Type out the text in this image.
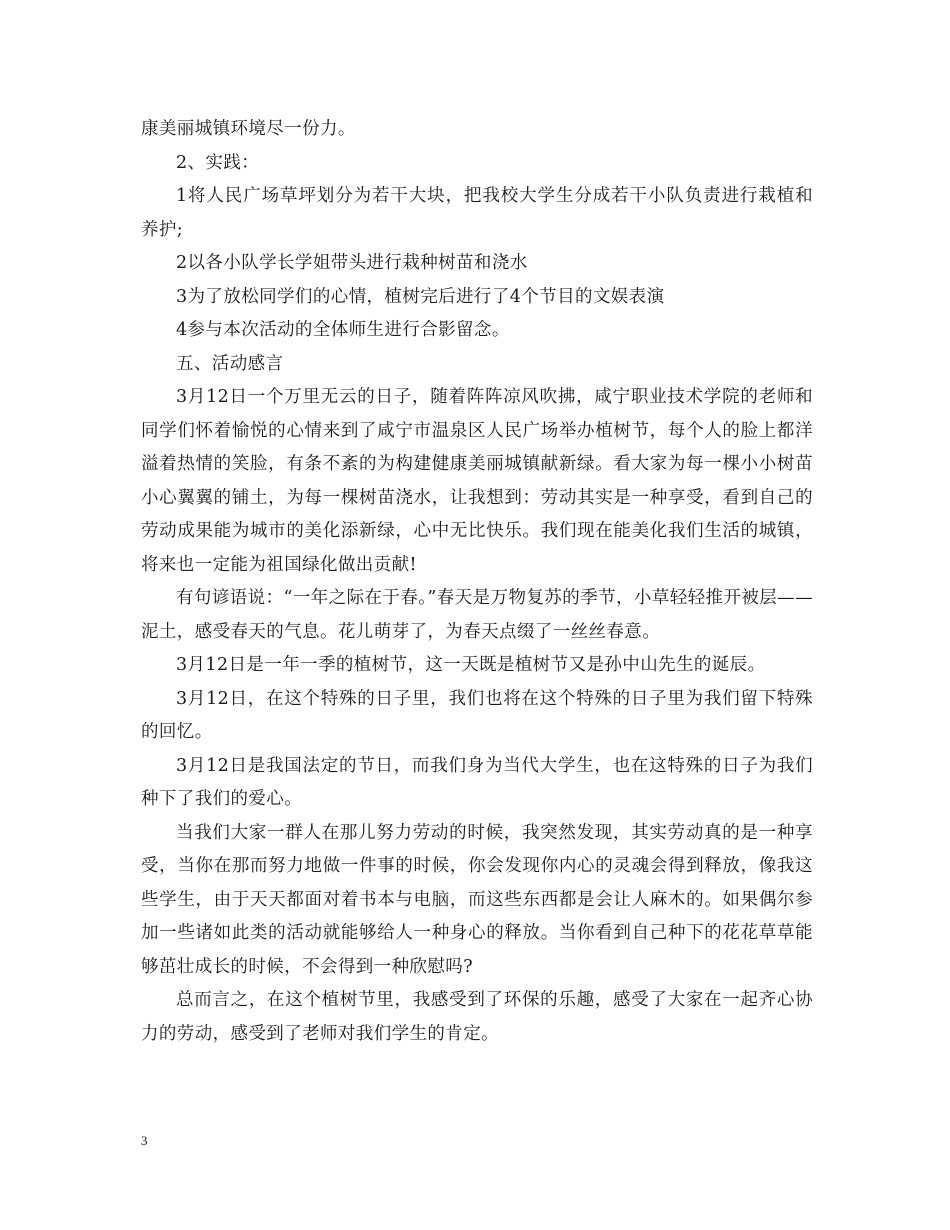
康美丽城镇环境尽一份力。

2、实践：

1将人民广场草坪划分为若干大块，把我校大学生分成若干小队负责进行栽植和养护;

2以各小队学长学姐带头进行栽种树苗和浇水

3为了放松同学们的心情，植树完后进行了4个节目的文娱表演

4参与本次活动的全体师生进行合影留念。

五、活动感言

3月12日一个万里无云的日子，随着阵阵凉风吹拂，咸宁职业技术学院的老师和同学们怀着愉悦的心情来到了咸宁市温泉区人民广场举办植树节，每个人的脸上都洋溢着热情的笑脸，有条不紊的为构建健康美丽城镇献新绿。看大家为每一棵小小树苗小心翼翼的铺土，为每一棵树苗浇水，让我想到：劳动其实是一种享受，看到自己的劳动成果能为城市的美化添新绿，心中无比快乐。我们现在能美化我们生活的城镇，将来也一定能为祖国绿化做出贡献!

有句谚语说：“一年之际在于春。”春天是万物复苏的季节，小草轻轻推开被层——泥土，感受春天的气息。花儿萌芽了，为春天点缀了一丝丝春意。

3月12日是一年一季的植树节，这一天既是植树节又是孙中山先生的诞辰。

3月12日，在这个特殊的日子里，我们也将在这个特殊的日子里为我们留下特殊的回忆。

3月12日是我国法定的节日，而我们身为当代大学生，也在这特殊的日子为我们种下了我们的爱心。

当我们大家一群人在那儿努力劳动的时候，我突然发现，其实劳动真的是一种享受，当你在那而努力地做一件事的时候，你会发现你内心的灵魂会得到释放，像我这些学生，由于天天都面对着书本与电脑，而这些东西都是会让人麻木的。如果偶尔参加一些诸如此类的活动就能够给人一种身心的释放。当你看到自己种下的花花草草能够茁壮成长的时候，不会得到一种欣慰吗?

总而言之，在这个植树节里，我感受到了环保的乐趣，感受了大家在一起齐心协力的劳动，感受到了老师对我们学生的肯定。

3
